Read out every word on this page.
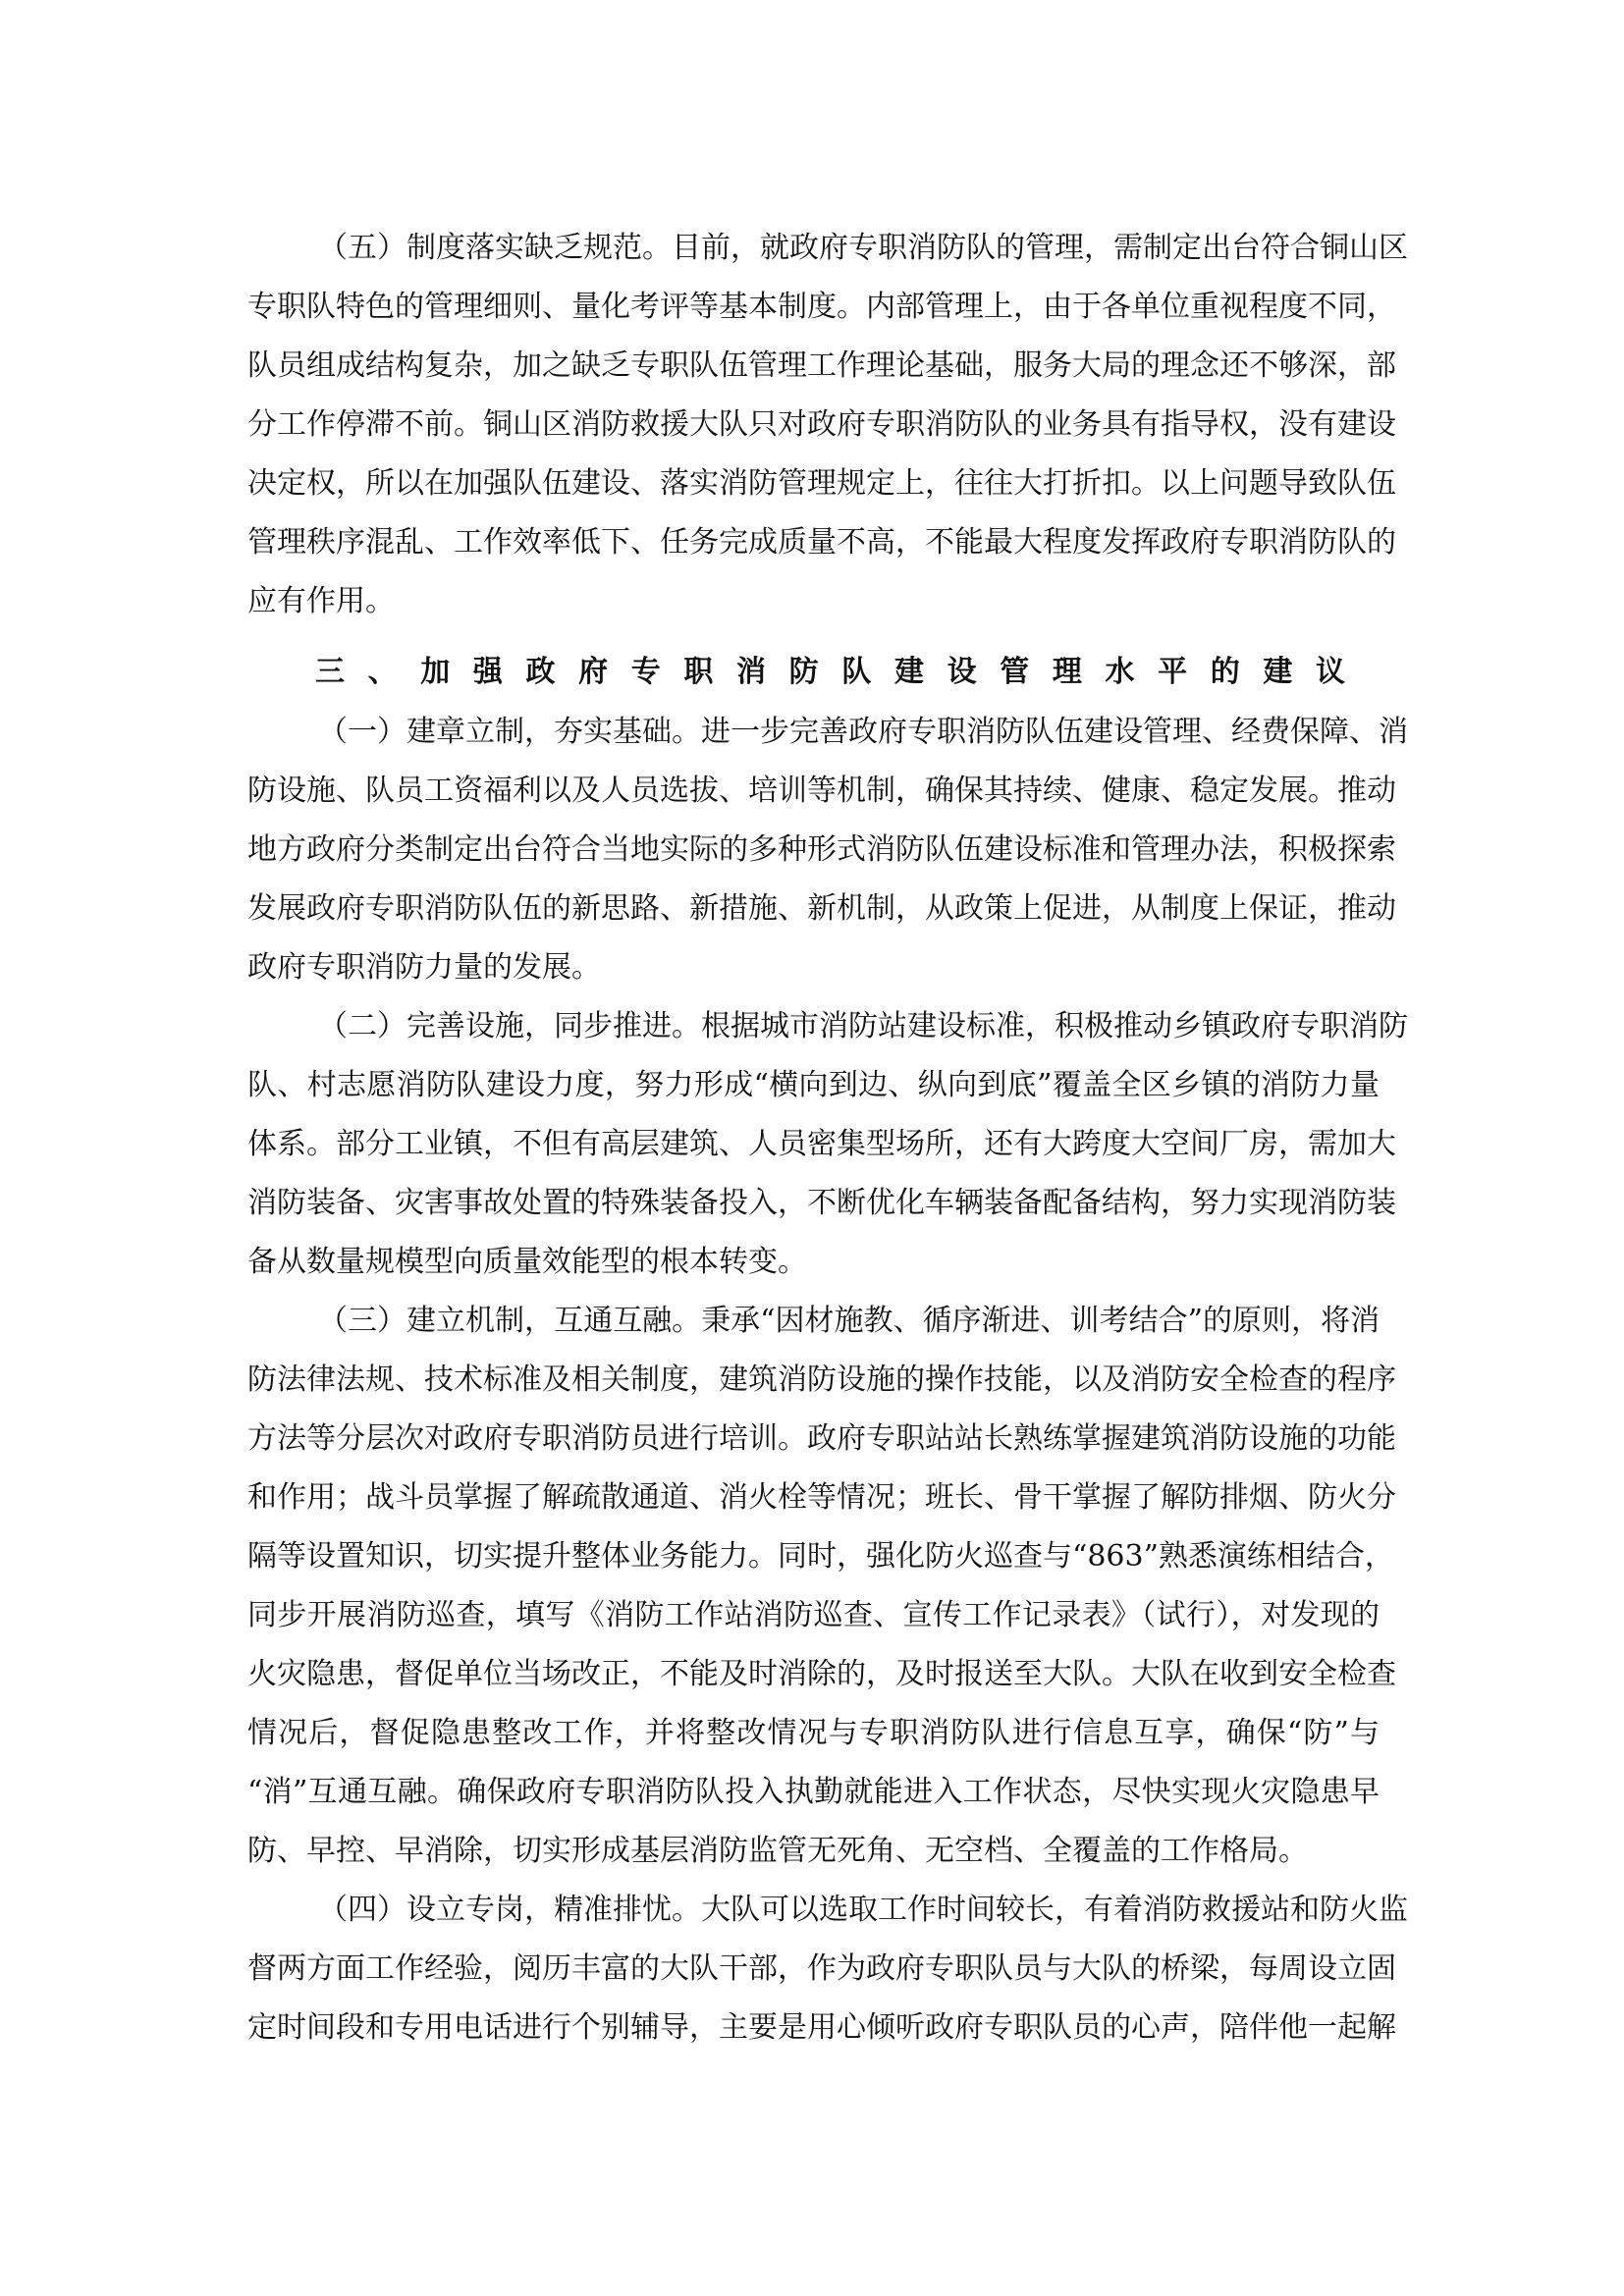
（五）制度落实缺乏规范。目前，就政府专职消防队的管理，需制定出台符合铜山区
专职队特色的管理细则、量化考评等基本制度。内部管理上，由于各单位重视程度不同，
队员组成结构复杂，加之缺乏专职队伍管理工作理论基础，服务大局的理念还不够深，部
分工作停滞不前。铜山区消防救援大队只对政府专职消防队的业务具有指导权，没有建设
决定权，所以在加强队伍建设、落实消防管理规定上，往往大打折扣。以上问题导致队伍
管理秩序混乱、工作效率低下、任务完成质量不高，不能最大程度发挥政府专职消防队的
应有作用。
三、加强政府专职消防队建设管理水平的建议
（一）建章立制，夯实基础。进一步完善政府专职消防队伍建设管理、经费保障、消
防设施、队员工资福利以及人员选拔、培训等机制，确保其持续、健康、稳定发展。推动
地方政府分类制定出台符合当地实际的多种形式消防队伍建设标准和管理办法，积极探索
发展政府专职消防队伍的新思路、新措施、新机制，从政策上促进，从制度上保证，推动
政府专职消防力量的发展。
（二）完善设施，同步推进。根据城市消防站建设标准，积极推动乡镇政府专职消防
队、村志愿消防队建设力度，努力形成“横向到边、纵向到底”覆盖全区乡镇的消防力量
体系。部分工业镇，不但有高层建筑、人员密集型场所，还有大跨度大空间厂房，需加大
消防装备、灾害事故处置的特殊装备投入，不断优化车辆装备配备结构，努力实现消防装
备从数量规模型向质量效能型的根本转变。
（三）建立机制，互通互融。秉承“因材施教、循序渐进、训考结合”的原则，将消
防法律法规、技术标准及相关制度，建筑消防设施的操作技能，以及消防安全检查的程序
方法等分层次对政府专职消防员进行培训。政府专职站站长熟练掌握建筑消防设施的功能
和作用；战斗员掌握了解疏散通道、消火栓等情况；班长、骨干掌握了解防排烟、防火分
隔等设置知识，切实提升整体业务能力。同时，强化防火巡查与“863”熟悉演练相结合，
同步开展消防巡查，填写《消防工作站消防巡查、宣传工作记录表》（试行），对发现的
火灾隐患，督促单位当场改正，不能及时消除的，及时报送至大队。大队在收到安全检查
情况后，督促隐患整改工作，并将整改情况与专职消防队进行信息互享，确保“防”与
“消”互通互融。确保政府专职消防队投入执勤就能进入工作状态，尽快实现火灾隐患早
防、早控、早消除，切实形成基层消防监管无死角、无空档、全覆盖的工作格局。
（四）设立专岗，精准排忧。大队可以选取工作时间较长，有着消防救援站和防火监
督两方面工作经验，阅历丰富的大队干部，作为政府专职队员与大队的桥梁，每周设立固
定时间段和专用电话进行个别辅导，主要是用心倾听政府专职队员的心声，陪伴他一起解
